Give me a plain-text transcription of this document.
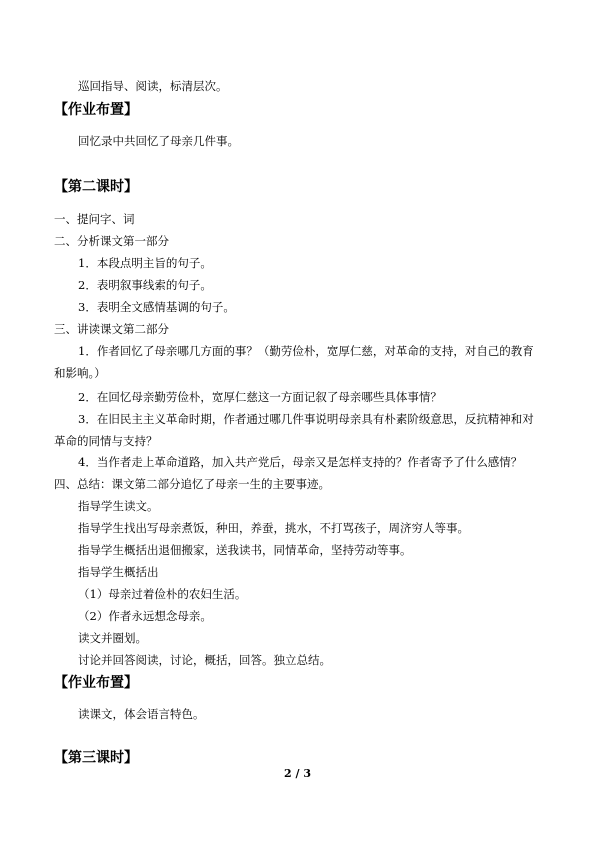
巡回指导、阅读，标清层次。
【作业布置】
回忆录中共回忆了母亲几件事。
【第二课时】
一、提问字、词
二、分析课文第一部分
1．本段点明主旨的句子。
2．表明叙事线索的句子。
3．表明全文感情基调的句子。
三、讲读课文第二部分
1．作者回忆了母亲哪几方面的事？（勤劳俭朴，宽厚仁慈，对革命的支持，对自己的教育和影响。）
2．在回忆母亲勤劳俭朴，宽厚仁慈这一方面记叙了母亲哪些具体事情？
3．在旧民主主义革命时期，作者通过哪几件事说明母亲具有朴素阶级意思，反抗精神和对革命的同情与支持？
4．当作者走上革命道路，加入共产党后，母亲又是怎样支持的？作者寄予了什么感情？
四、总结：课文第二部分追忆了母亲一生的主要事迹。
指导学生读文。
指导学生找出写母亲煮饭，种田，养蚕，挑水，不打骂孩子，周济穷人等事。
指导学生概括出退佃搬家，送我读书，同情革命，坚持劳动等事。
指导学生概括出
（1）母亲过着俭朴的农妇生活。
（2）作者永远想念母亲。
读文并圈划。
讨论并回答阅读，讨论，概括，回答。独立总结。
【作业布置】
读课文，体会语言特色。
【第三课时】
2 / 3
